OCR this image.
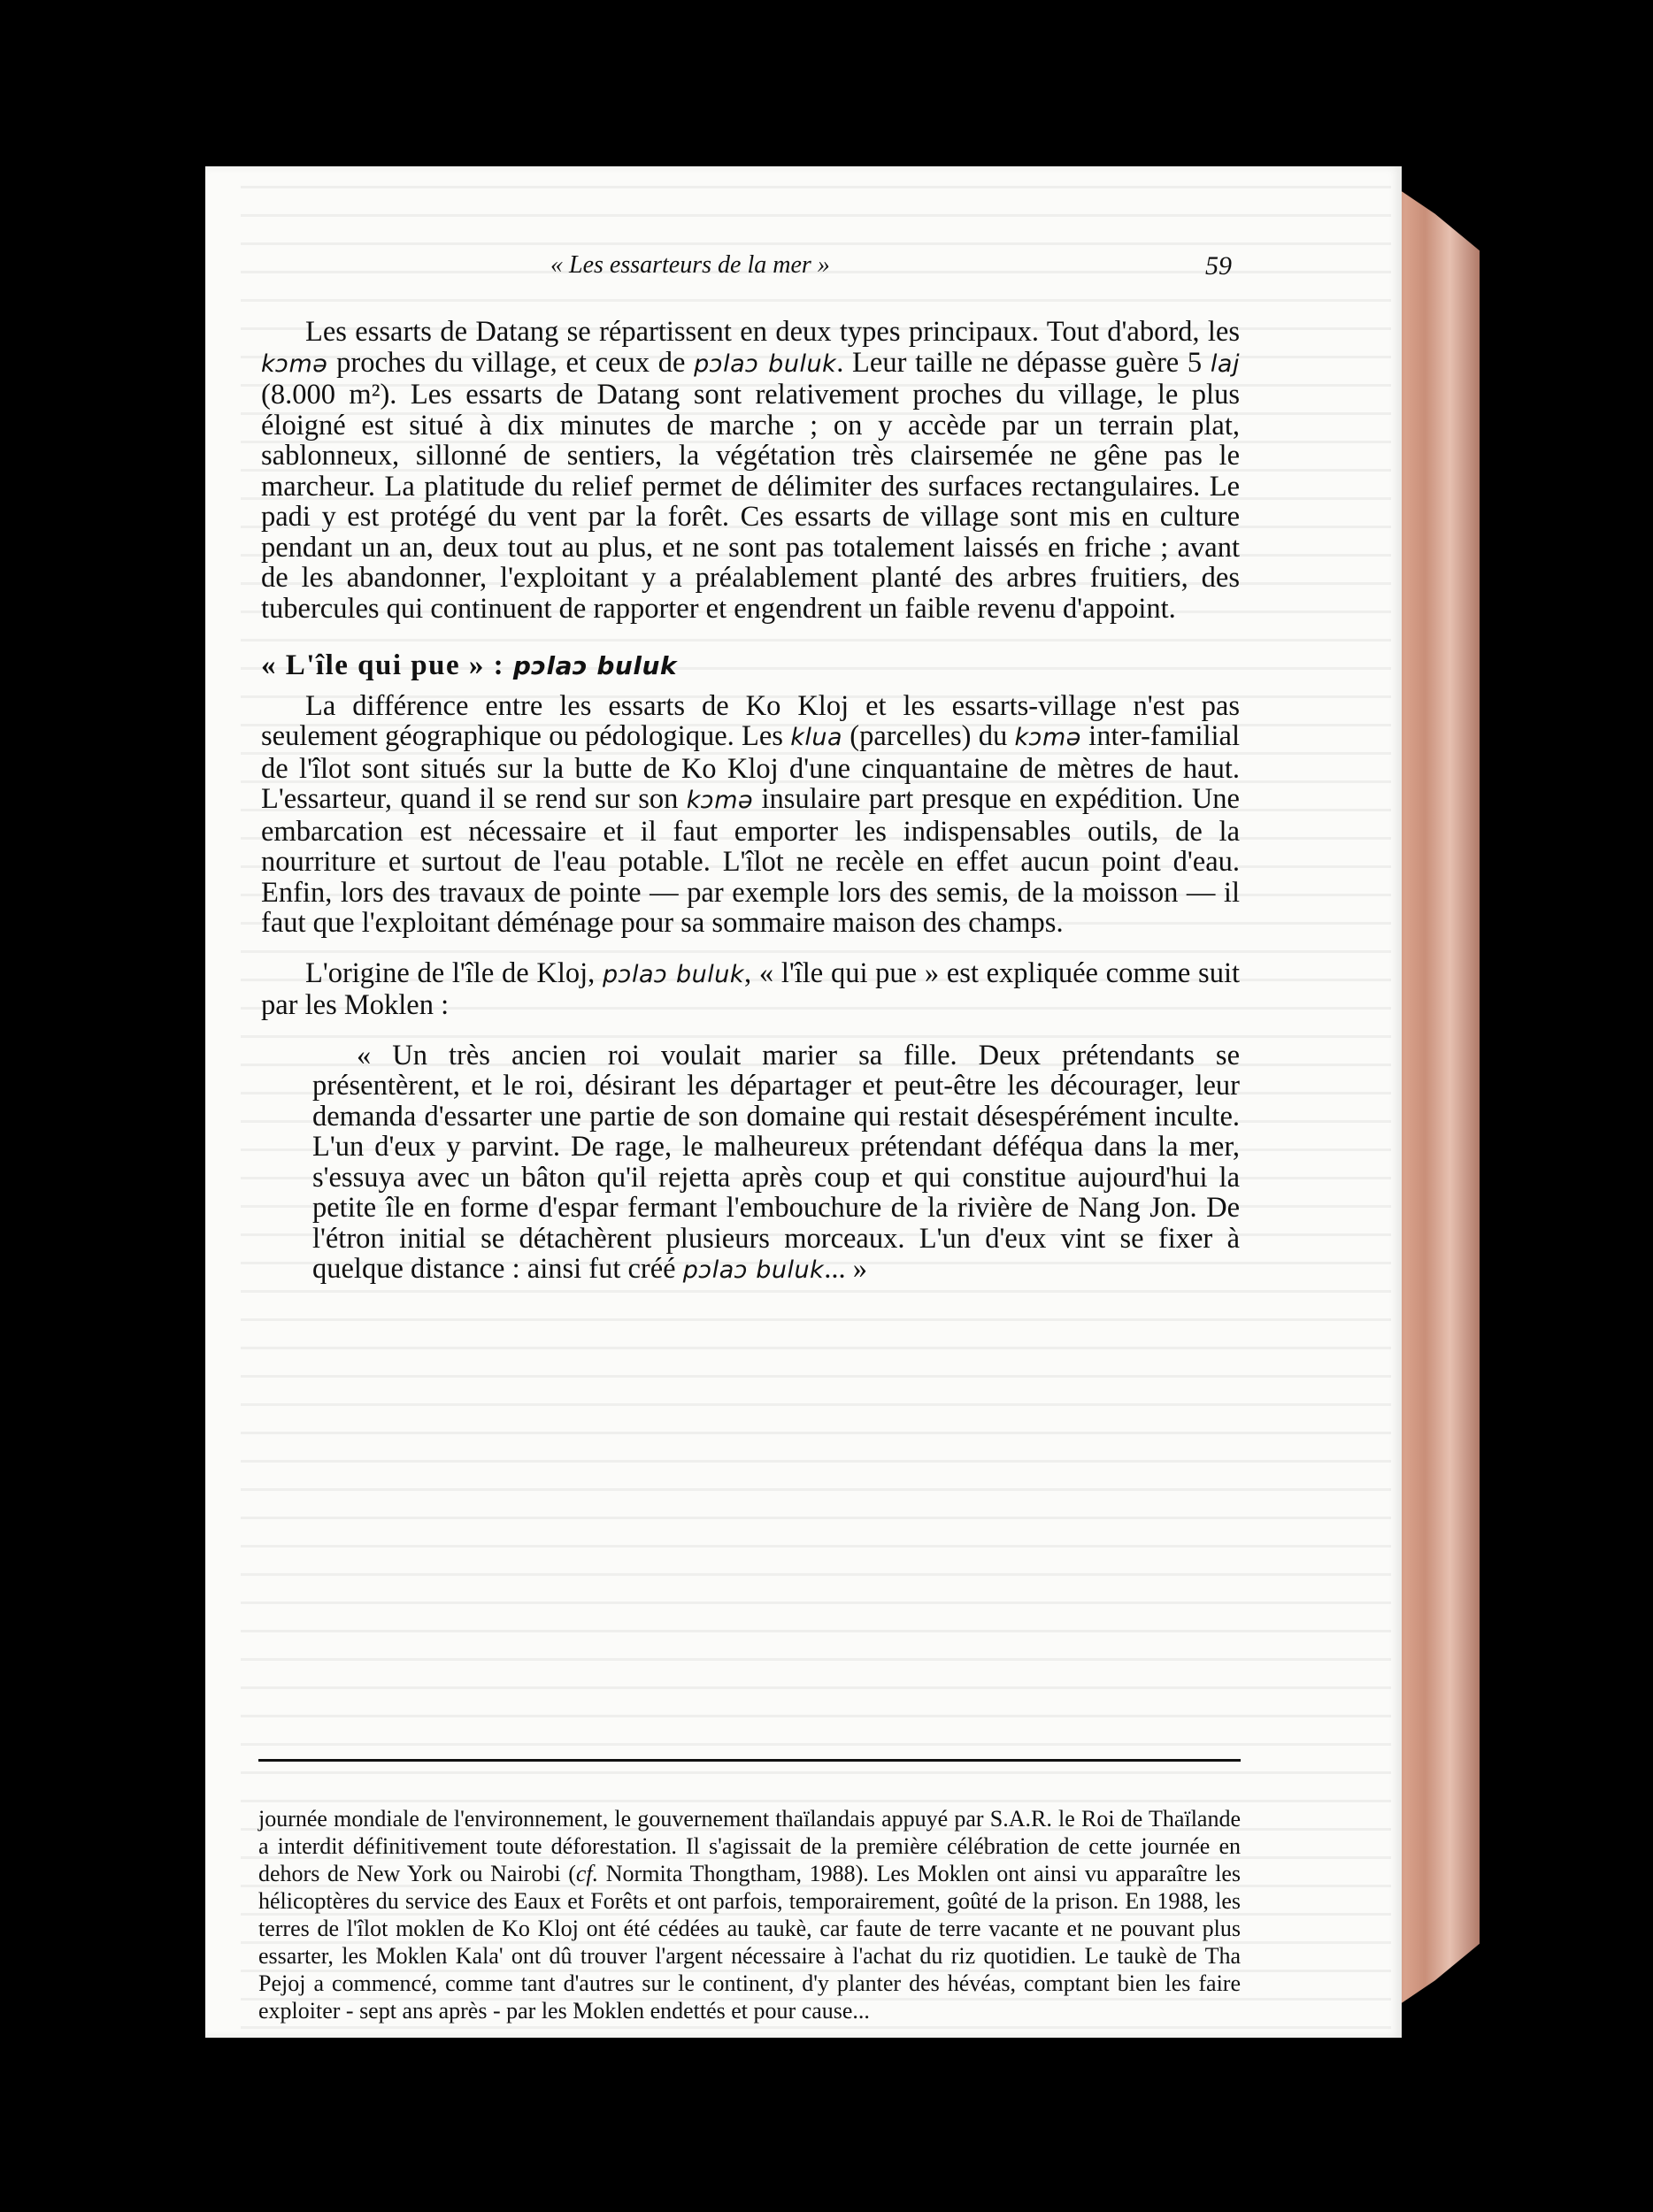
« Les essarteurs de la mer »	59

Les essarts de Datang se répartissent en deux types principaux. Tout d'abord, les kɔmə proches du village, et ceux de pɔlaɔ buluk. Leur taille ne dépasse guère 5 laj (8.000 m²). Les essarts de Datang sont relativement proches du village, le plus éloigné est situé à dix minutes de marche ; on y accède par un terrain plat, sablonneux, sillonné de sentiers, la végétation très clairsemée ne gêne pas le marcheur. La platitude du relief permet de délimiter des surfaces rectangulaires. Le padi y est protégé du vent par la forêt. Ces essarts de village sont mis en culture pendant un an, deux tout au plus, et ne sont pas totalement laissés en friche ; avant de les abandonner, l'exploitant y a préalablement planté des arbres fruitiers, des tubercules qui continuent de rapporter et engendrent un faible revenu d'appoint.

« L'île qui pue » : pɔlaɔ buluk

La différence entre les essarts de Ko Kloj et les essarts-village n'est pas seulement géographique ou pédologique. Les klua (parcelles) du kɔmə inter-familial de l'îlot sont situés sur la butte de Ko Kloj d'une cinquantaine de mètres de haut. L'essarteur, quand il se rend sur son kɔmə insulaire part presque en expédition. Une embarcation est nécessaire et il faut emporter les indispensables outils, de la nourriture et surtout de l'eau potable. L'îlot ne recèle en effet aucun point d'eau. Enfin, lors des travaux de pointe — par exemple lors des semis, de la moisson — il faut que l'exploitant déménage pour sa sommaire maison des champs.

L'origine de l'île de Kloj, pɔlaɔ buluk, « l'île qui pue » est expliquée comme suit par les Moklen :

« Un très ancien roi voulait marier sa fille. Deux prétendants se présentèrent, et le roi, désirant les départager et peut-être les décourager, leur demanda d'essarter une partie de son domaine qui restait désespérément inculte. L'un d'eux y parvint. De rage, le malheureux prétendant déféqua dans la mer, s'essuya avec un bâton qu'il rejetta après coup et qui constitue aujourd'hui la petite île en forme d'espar fermant l'embouchure de la rivière de Nang Jon. De l'étron initial se détachèrent plusieurs morceaux. L'un d'eux vint se fixer à quelque distance : ainsi fut créé pɔlaɔ buluk... »

journée mondiale de l'environnement, le gouvernement thaïlandais appuyé par S.A.R. le Roi de Thaïlande a interdit définitivement toute déforestation. Il s'agissait de la première célébration de cette journée en dehors de New York ou Nairobi (cf. Normita Thongtham, 1988). Les Moklen ont ainsi vu apparaître les hélicoptères du service des Eaux et Forêts et ont parfois, temporairement, goûté de la prison. En 1988, les terres de l'îlot moklen de Ko Kloj ont été cédées au taukè, car faute de terre vacante et ne pouvant plus essarter, les Moklen Kala' ont dû trouver l'argent nécessaire à l'achat du riz quotidien. Le taukè de Tha Pejoj a commencé, comme tant d'autres sur le continent, d'y planter des hévéas, comptant bien les faire exploiter - sept ans après - par les Moklen endettés et pour cause...
